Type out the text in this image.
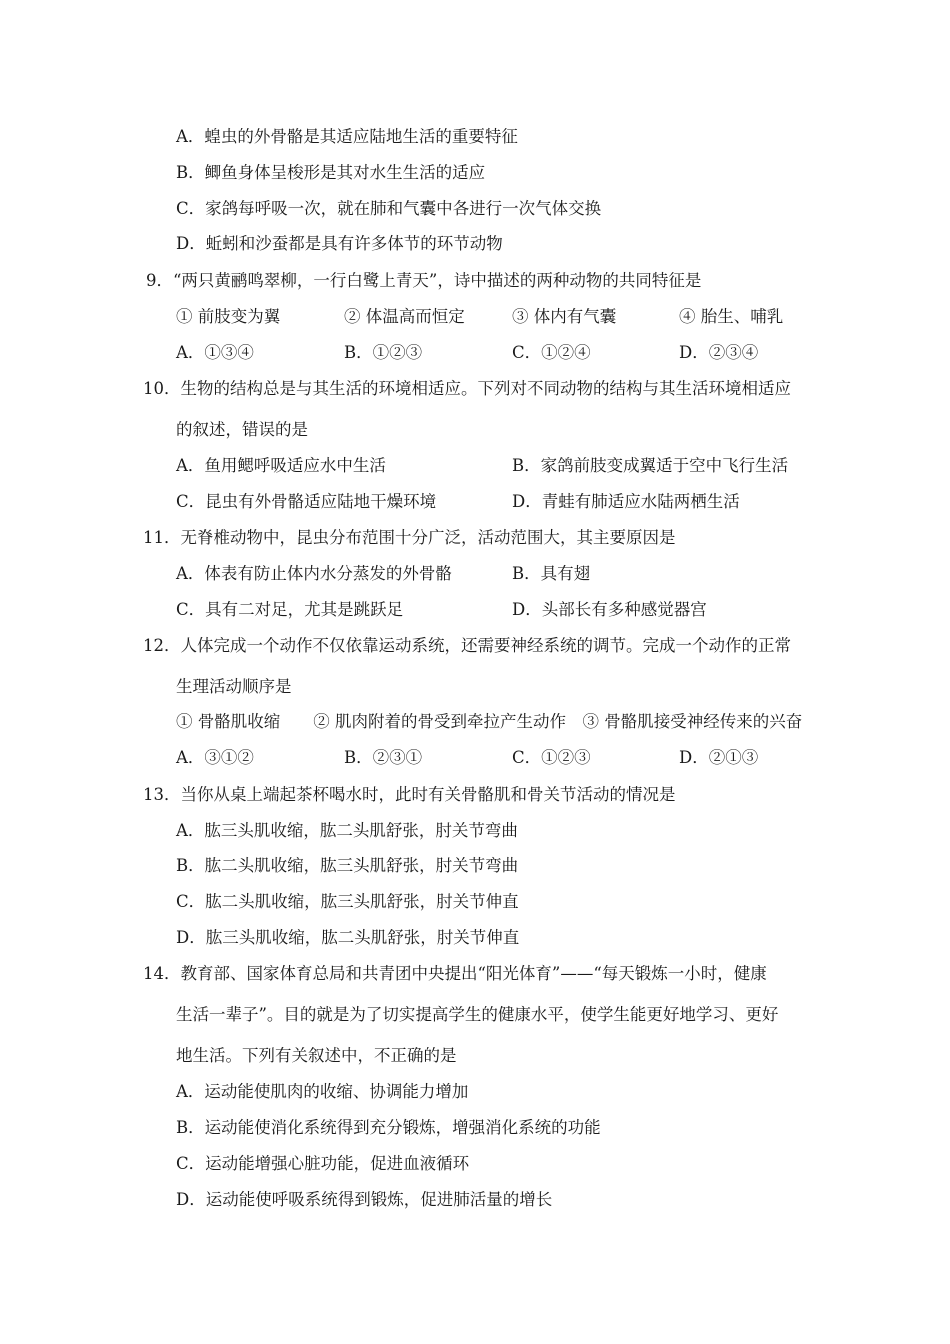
A．蝗虫的外骨骼是其适应陆地生活的重要特征
B．鲫鱼身体呈梭形是其对水生生活的适应
C．家鸽每呼吸一次，就在肺和气囊中各进行一次气体交换
D．蚯蚓和沙蚕都是具有许多体节的环节动物
9．“两只黄鹂鸣翠柳，一行白鹭上青天”，诗中描述的两种动物的共同特征是
① 前肢变为翼	② 体温高而恒定	③ 体内有气囊	④ 胎生、哺乳
A．①③④	B．①②③	C．①②④	D．②③④
10．生物的结构总是与其生活的环境相适应。下列对不同动物的结构与其生活环境相适应
的叙述，错误的是
A．鱼用鳃呼吸适应水中生活	B．家鸽前肢变成翼适于空中飞行生活
C．昆虫有外骨骼适应陆地干燥环境	D．青蛙有肺适应水陆两栖生活
11．无脊椎动物中，昆虫分布范围十分广泛，活动范围大，其主要原因是
A．体表有防止体内水分蒸发的外骨骼	B．具有翅
C．具有二对足，尤其是跳跃足	D．头部长有多种感觉器宫
12．人体完成一个动作不仅依靠运动系统，还需要神经系统的调节。完成一个动作的正常
生理活动顺序是
① 骨骼肌收缩　　② 肌肉附着的骨受到牵拉产生动作　③ 骨骼肌接受神经传来的兴奋
A．③①②	B．②③①	C．①②③	D．②①③
13．当你从桌上端起茶杯喝水时，此时有关骨骼肌和骨关节活动的情况是
A．肱三头肌收缩，肱二头肌舒张，肘关节弯曲
B．肱二头肌收缩，肱三头肌舒张，肘关节弯曲
C．肱二头肌收缩，肱三头肌舒张，肘关节伸直
D．肱三头肌收缩，肱二头肌舒张，肘关节伸直
14．教育部、国家体育总局和共青团中央提出“阳光体育”——“每天锻炼一小时，健康
生活一辈子”。目的就是为了切实提高学生的健康水平，使学生能更好地学习、更好
地生活。下列有关叙述中，不正确的是
A．运动能使肌肉的收缩、协调能力增加
B．运动能使消化系统得到充分锻炼，增强消化系统的功能
C．运动能增强心脏功能，促进血液循环
D．运动能使呼吸系统得到锻炼，促进肺活量的增长
